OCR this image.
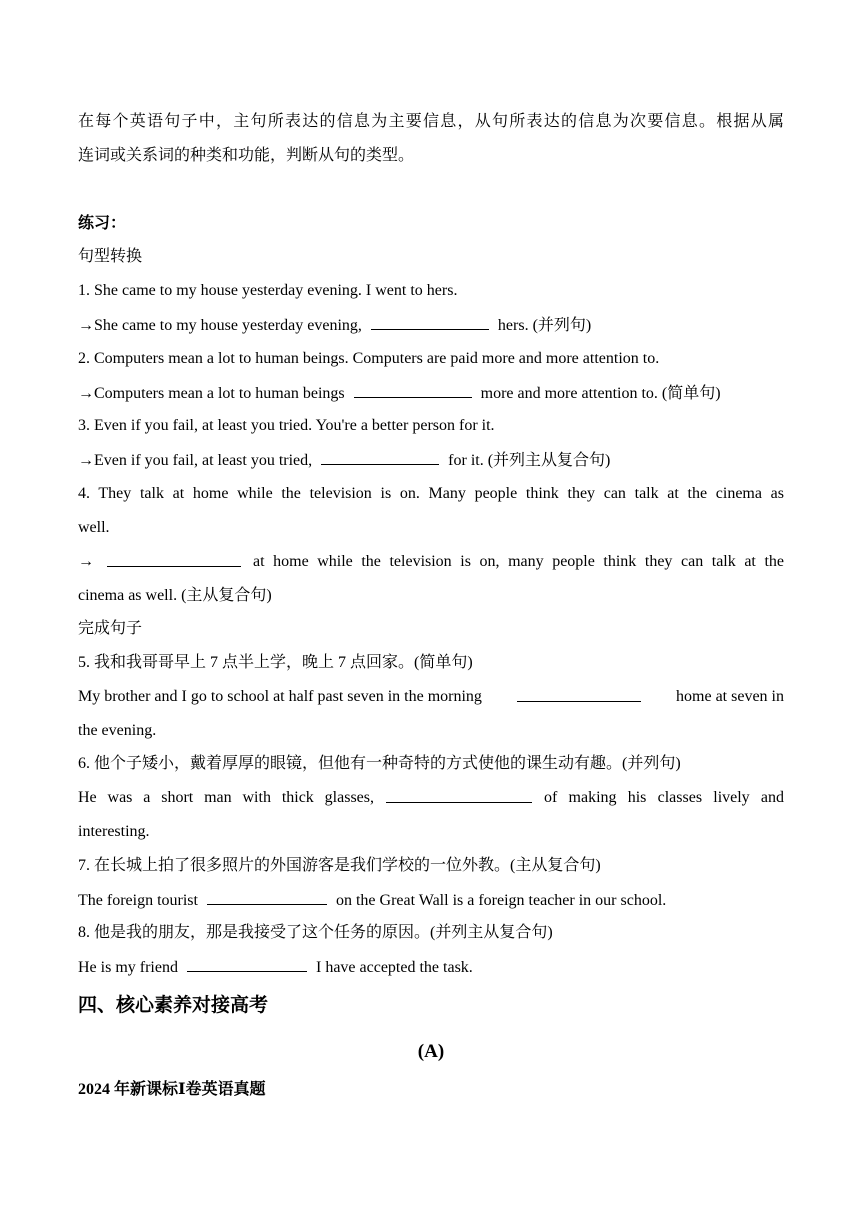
在每个英语句子中，主句所表达的信息为主要信息，从句所表达的信息为次要信息。根据从属
连词或关系词的种类和功能，判断从句的类型。
练习：
句型转换
1. She came to my house yesterday evening. I went to hers.
→She came to my house yesterday evening,	hers. (并列句)
2. Computers mean a lot to human beings. Computers are paid more and more attention to.
→Computers mean a lot to human beings	more and more attention to. (简单句)
3. Even if you fail, at least you tried. You're a better person for it.
→Even if you fail, at least you tried,	for it. (并列主从复合句)
4. They talk at home while the television is on. Many people think they can talk at the cinema as
well.
→	at home while the television is on, many people think they can talk at the
cinema as well. (主从复合句)
完成句子
5. 我和我哥哥早上 7 点半上学，晚上 7 点回家。(简单句)
My brother and I go to school at half past seven in the morning	home at seven in
the evening.
6. 他个子矮小，戴着厚厚的眼镜，但他有一种奇特的方式使他的课生动有趣。(并列句)
He was a short man with thick glasses,	of making his classes lively and
interesting.
7. 在长城上拍了很多照片的外国游客是我们学校的一位外教。(主从复合句)
The foreign tourist	on the Great Wall is a foreign teacher in our school.
8. 他是我的朋友，那是我接受了这个任务的原因。(并列主从复合句)
He is my friend	I have accepted the task.
四、核心素养对接高考
(A)
2024 年新课标Ⅰ卷英语真题
